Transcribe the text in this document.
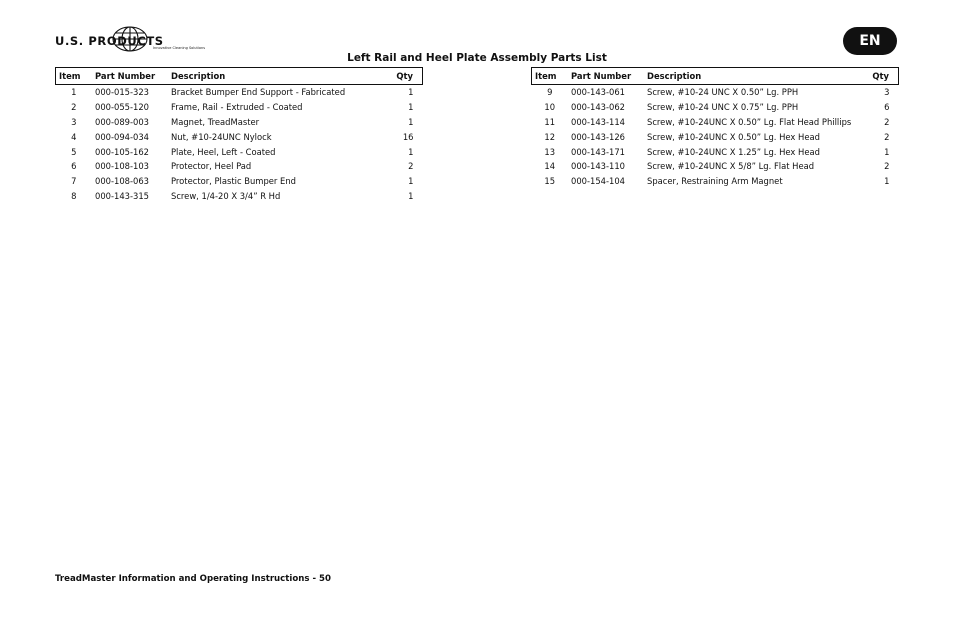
U.S. PRODUCTS
Innovative Cleaning Solutions	EN
Left Rail and Heel Plate Assembly Parts List
Item	Part Number	Description	Qty
1	000-015-323	Bracket Bumper End Support - Fabricated	1
2	000-055-120	Frame, Rail - Extruded - Coated	1
3	000-089-003	Magnet, TreadMaster	1
4	000-094-034	Nut, #10-24UNC Nylock	16
5	000-105-162	Plate, Heel, Left - Coated	1
6	000-108-103	Protector, Heel Pad	2
7	000-108-063	Protector, Plastic Bumper End	1
8	000-143-315	Screw, 1/4-20 X 3/4” R Hd	1
Item	Part Number	Description	Qty
9	000-143-061	Screw, #10-24 UNC X 0.50” Lg. PPH	3
10	000-143-062	Screw, #10-24 UNC X 0.75” Lg. PPH	6
11	000-143-114	Screw, #10-24UNC X 0.50” Lg. Flat Head Phillips	2
12	000-143-126	Screw, #10-24UNC X 0.50” Lg. Hex Head	2
13	000-143-171	Screw, #10-24UNC X 1.25” Lg. Hex Head	1
14	000-143-110	Screw, #10-24UNC X 5/8” Lg. Flat Head	2
15	000-154-104	Spacer, Restraining Arm Magnet	1
TreadMaster Information and Operating Instructions - 50
